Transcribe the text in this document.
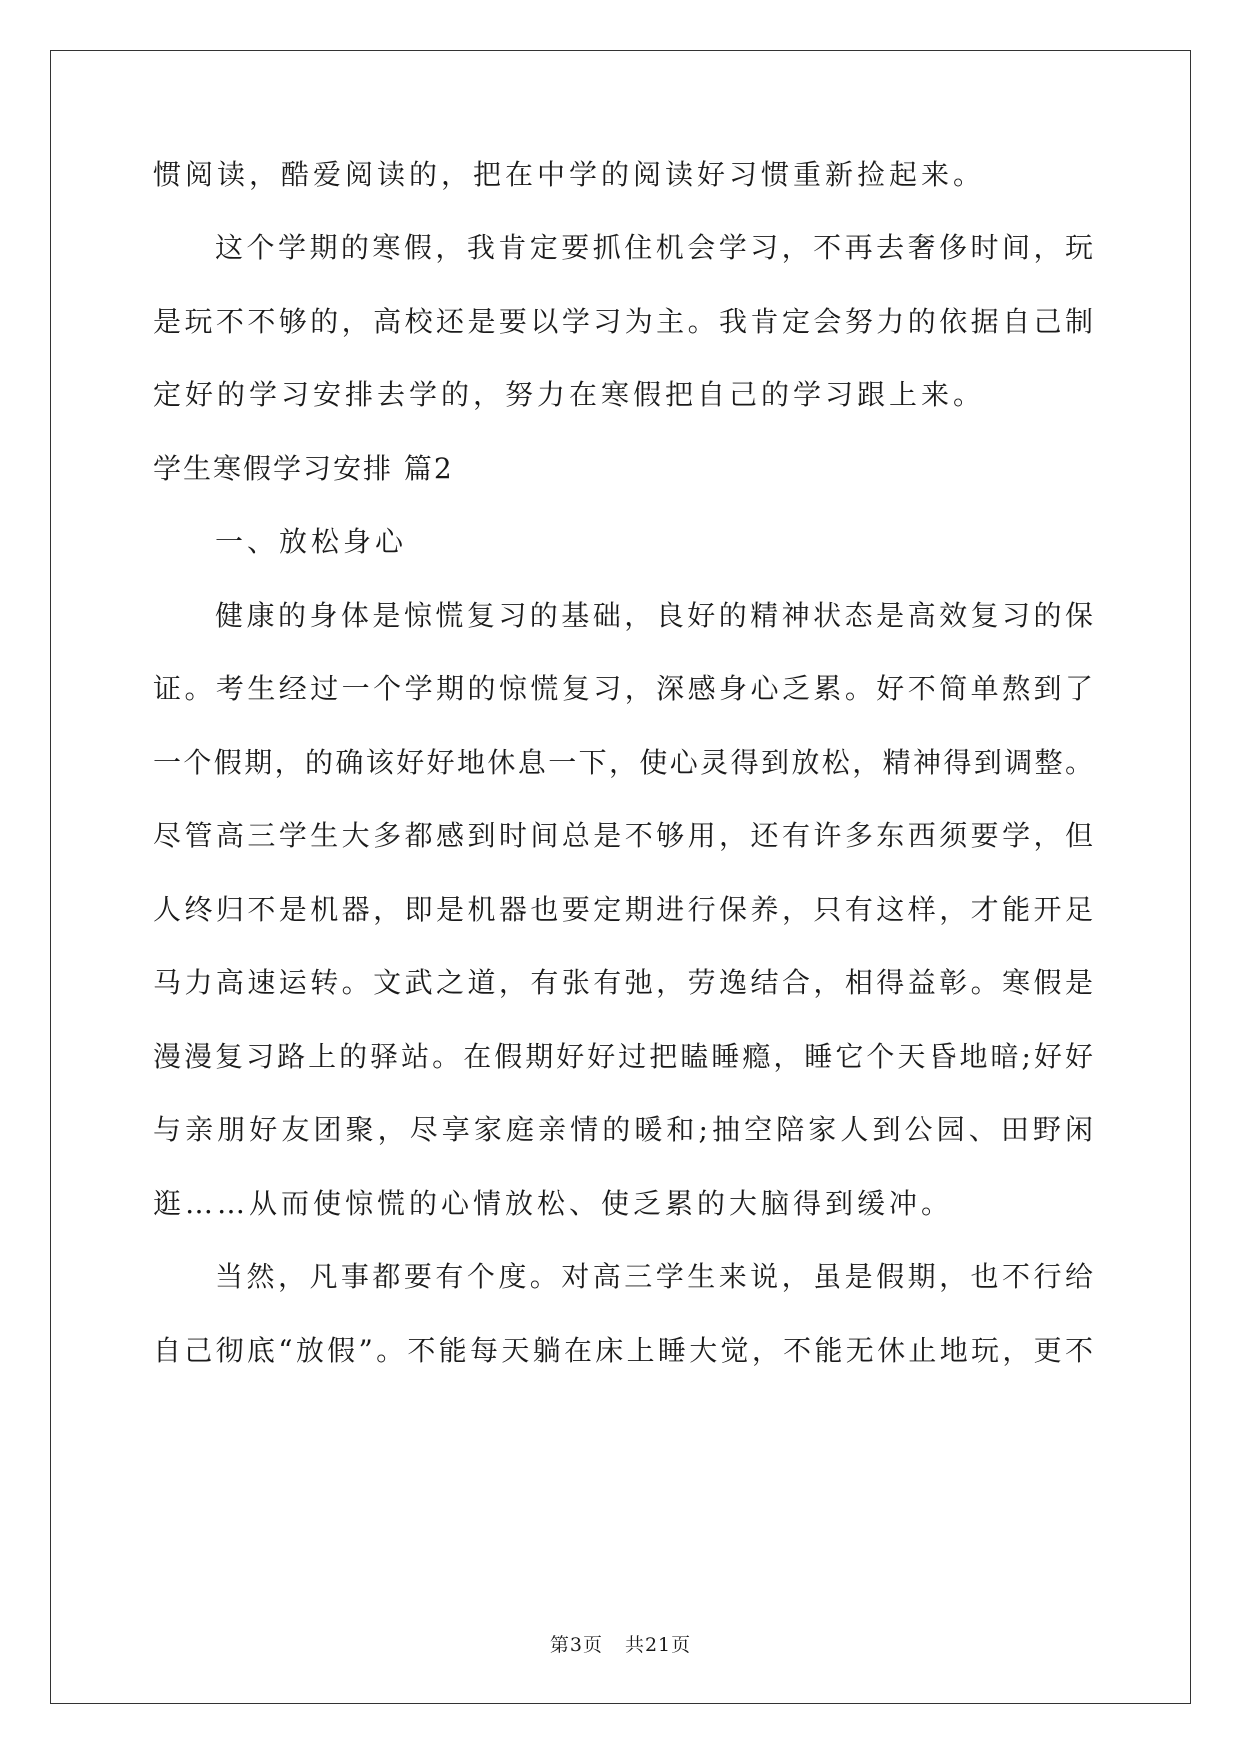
惯阅读，酷爱阅读的，把在中学的阅读好习惯重新捡起来。
这个学期的寒假，我肯定要抓住机会学习，不再去奢侈时间，玩
是玩不不够的，高校还是要以学习为主。我肯定会努力的依据自己制
定好的学习安排去学的，努力在寒假把自己的学习跟上来。
学生寒假学习安排 篇2
一、放松身心
健康的身体是惊慌复习的基础，良好的精神状态是高效复习的保
证。考生经过一个学期的惊慌复习，深感身心乏累。好不简单熬到了
一个假期，的确该好好地休息一下，使心灵得到放松，精神得到调整。
尽管高三学生大多都感到时间总是不够用，还有许多东西须要学，但
人终归不是机器，即是机器也要定期进行保养，只有这样，才能开足
马力高速运转。文武之道，有张有弛，劳逸结合，相得益彰。寒假是
漫漫复习路上的驿站。在假期好好过把瞌睡瘾，睡它个天昏地暗;好好
与亲朋好友团聚，尽享家庭亲情的暖和;抽空陪家人到公园、田野闲
逛……从而使惊慌的心情放松、使乏累的大脑得到缓冲。
当然，凡事都要有个度。对高三学生来说，虽是假期，也不行给
自己彻底“放假”。不能每天躺在床上睡大觉，不能无休止地玩，更不
第3页 共21页
